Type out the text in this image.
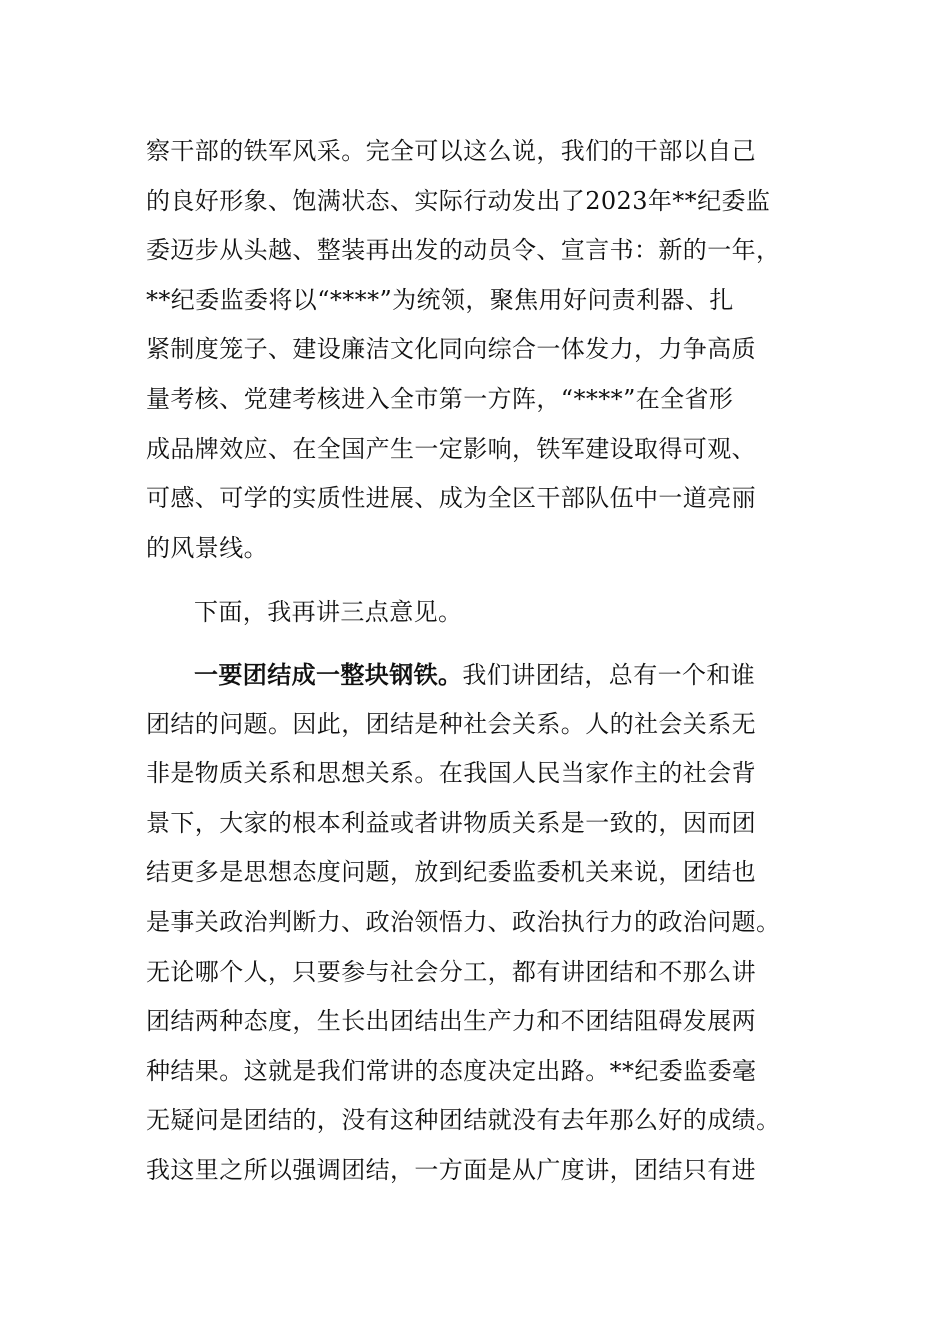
察干部的铁军风采。完全可以这么说，我们的干部以自己
的良好形象、饱满状态、实际行动发出了2023年**纪委监
委迈步从头越、整装再出发的动员令、宣言书：新的一年，
**纪委监委将以“****”为统领，聚焦用好问责利器、扎
紧制度笼子、建设廉洁文化同向综合一体发力，力争高质
量考核、党建考核进入全市第一方阵，“****”在全省形
成品牌效应、在全国产生一定影响，铁军建设取得可观、
可感、可学的实质性进展、成为全区干部队伍中一道亮丽
的风景线。
下面，我再讲三点意见。
一要团结成一整块钢铁。我们讲团结，总有一个和谁
团结的问题。因此，团结是种社会关系。人的社会关系无
非是物质关系和思想关系。在我国人民当家作主的社会背
景下，大家的根本利益或者讲物质关系是一致的，因而团
结更多是思想态度问题，放到纪委监委机关来说，团结也
是事关政治判断力、政治领悟力、政治执行力的政治问题。
无论哪个人，只要参与社会分工，都有讲团结和不那么讲
团结两种态度，生长出团结出生产力和不团结阻碍发展两
种结果。这就是我们常讲的态度决定出路。**纪委监委毫
无疑问是团结的，没有这种团结就没有去年那么好的成绩。
我这里之所以强调团结，一方面是从广度讲，团结只有进
